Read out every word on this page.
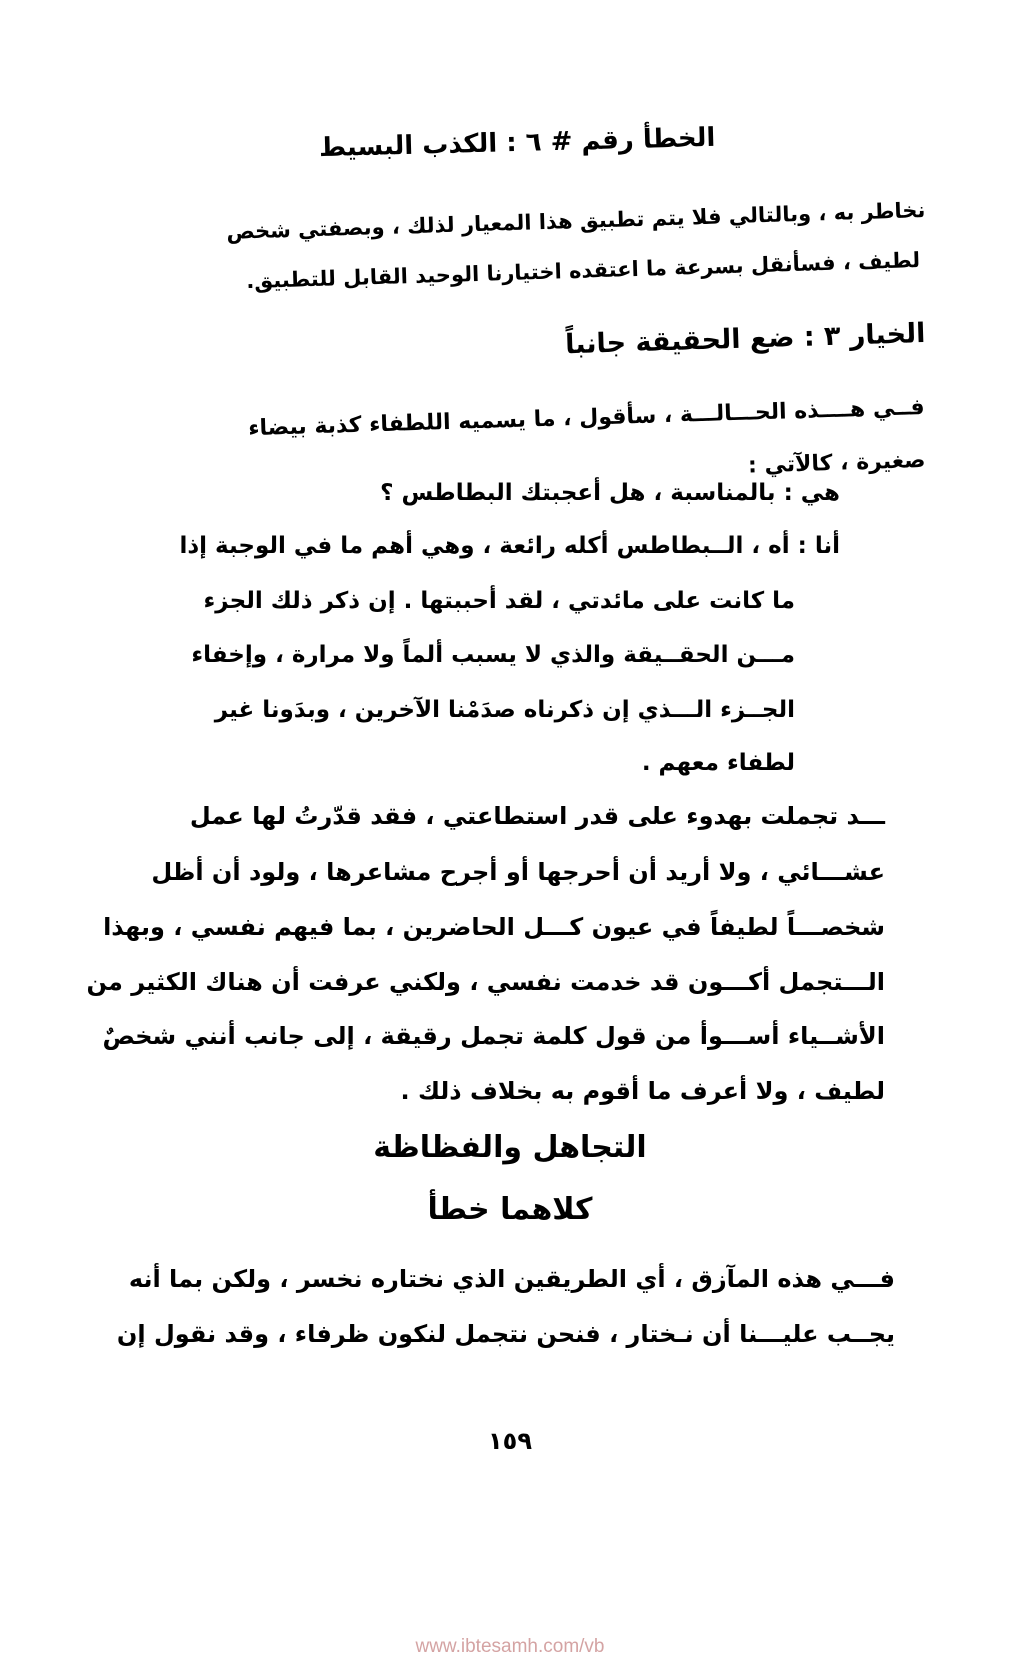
الخطأ رقم # ٦ : الكذب البسيط
نخاطر به ، وبالتالي فلا يتم تطبيق هذا المعيار لذلك ، وبصفتي شخص
لطيف ، فسأنقل بسرعة ما اعتقده اختيارنا الوحيد القابل للتطبيق.
الخيار ٣ : ضع الحقيقة جانباً
فــي هــــذه الحـــالـــة ، سأقول ، ما يسميه اللطفاء كذبة بيضاء
صغيرة ، كالآتي :
هي : بالمناسبة ، هل أعجبتك البطاطس ؟
أنا : أه ، الــبطاطس أكله رائعة ، وهي أهم ما في الوجبة إذا
ما كانت على مائدتي ، لقد أحببتها . إن ذكر ذلك الجزء
مـــن الحقــيقة والذي لا يسبب ألماً ولا مرارة ، وإخفاء
الجــزء الـــذي إن ذكرناه صدَمْنا الآخرين ، وبدَونا غير
لطفاء معهم .
ـــد تجملت بهدوء على قدر استطاعتي ، فقد قدّرتُ لها عمل
عشـــائي ، ولا أريد أن أحرجها أو أجرح مشاعرها ، ولود أن أظل
شخصـــاً لطيفاً في عيون كـــل الحاضرين ، بما فيهم نفسي ، وبهذا
الـــتجمل أكـــون قد خدمت نفسي ، ولكني عرفت أن هناك الكثير من
الأشــياء أســـوأ من قول كلمة تجمل رقيقة ، إلى جانب أنني شخصٌ
لطيف ، ولا أعرف ما أقوم به بخلاف ذلك .
التجاهل والفظاظة
كلاهما خطأ
فـــي هذه المآزق ، أي الطريقين الذي نختاره نخسر ، ولكن بما أنه
يجــب عليـــنا أن نـختار ، فنحن نتجمل لنكون ظرفاء ، وقد نقول إن
١٥٩
www.ibtesamh.com/vb
